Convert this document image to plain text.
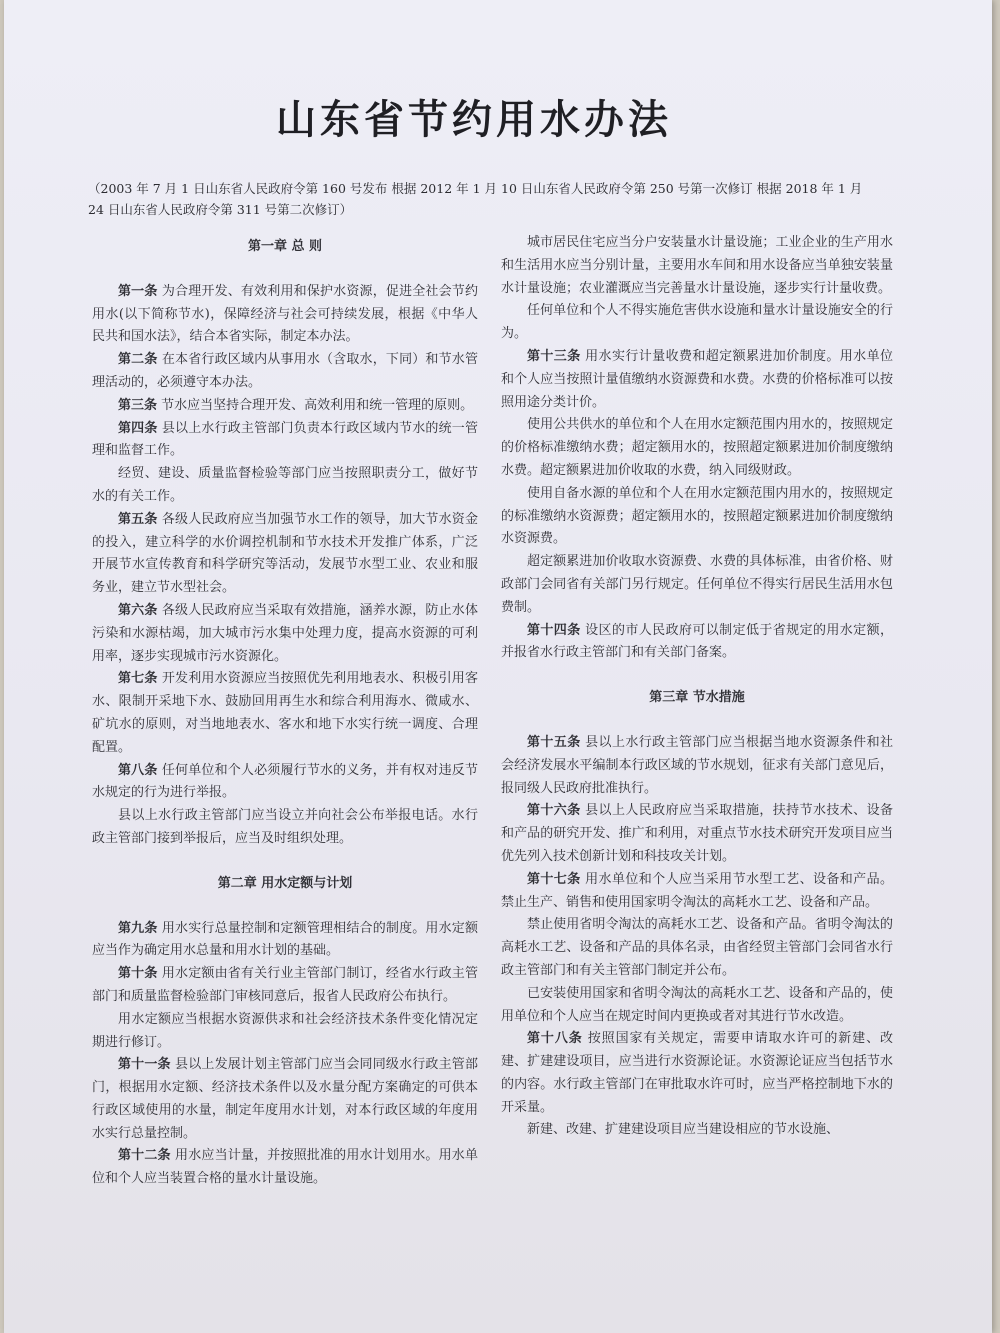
山东省节约用水办法
（2003 年 7 月 1 日山东省人民政府令第 160 号发布 根据 2012 年 1 月 10 日山东省人民政府令第 250 号第一次修订 根据 2018 年 1 月 24 日山东省人民政府令第 311 号第二次修订）
第一章 总 则

第一条 为合理开发、有效利用和保护水资源，促进全社会节约用水(以下简称节水)，保障经济与社会可持续发展，根据《中华人民共和国水法》，结合本省实际，制定本办法。

第二条 在本省行政区域内从事用水（含取水，下同）和节水管理活动的，必须遵守本办法。

第三条 节水应当坚持合理开发、高效利用和统一管理的原则。

第四条 县以上水行政主管部门负责本行政区域内节水的统一管理和监督工作。

经贸、建设、质量监督检验等部门应当按照职责分工，做好节水的有关工作。

第五条 各级人民政府应当加强节水工作的领导，加大节水资金的投入，建立科学的水价调控机制和节水技术开发推广体系，广泛开展节水宣传教育和科学研究等活动，发展节水型工业、农业和服务业，建立节水型社会。

第六条 各级人民政府应当采取有效措施，涵养水源，防止水体污染和水源枯竭，加大城市污水集中处理力度，提高水资源的可利用率，逐步实现城市污水资源化。

第七条 开发利用水资源应当按照优先利用地表水、积极引用客水、限制开采地下水、鼓励回用再生水和综合利用海水、微咸水、矿坑水的原则，对当地地表水、客水和地下水实行统一调度、合理配置。

第八条 任何单位和个人必须履行节水的义务，并有权对违反节水规定的行为进行举报。

县以上水行政主管部门应当设立并向社会公布举报电话。水行政主管部门接到举报后，应当及时组织处理。

第二章 用水定额与计划

第九条 用水实行总量控制和定额管理相结合的制度。用水定额应当作为确定用水总量和用水计划的基础。

第十条 用水定额由省有关行业主管部门制订，经省水行政主管部门和质量监督检验部门审核同意后，报省人民政府公布执行。

用水定额应当根据水资源供求和社会经济技术条件变化情况定期进行修订。

第十一条 县以上发展计划主管部门应当会同同级水行政主管部门，根据用水定额、经济技术条件以及水量分配方案确定的可供本行政区域使用的水量，制定年度用水计划，对本行政区域的年度用水实行总量控制。

第十二条 用水应当计量，并按照批准的用水计划用水。用水单位和个人应当装置合格的量水计量设施。

城市居民住宅应当分户安装量水计量设施；工业企业的生产用水和生活用水应当分别计量，主要用水车间和用水设备应当单独安装量水计量设施；农业灌溉应当完善量水计量设施，逐步实行计量收费。

任何单位和个人不得实施危害供水设施和量水计量设施安全的行为。

第十三条 用水实行计量收费和超定额累进加价制度。用水单位和个人应当按照计量值缴纳水资源费和水费。水费的价格标准可以按照用途分类计价。

使用公共供水的单位和个人在用水定额范围内用水的，按照规定的价格标准缴纳水费；超定额用水的，按照超定额累进加价制度缴纳水费。超定额累进加价收取的水费，纳入同级财政。

使用自备水源的单位和个人在用水定额范围内用水的，按照规定的标准缴纳水资源费；超定额用水的，按照超定额累进加价制度缴纳水资源费。

超定额累进加价收取水资源费、水费的具体标准，由省价格、财政部门会同省有关部门另行规定。任何单位不得实行居民生活用水包费制。

第十四条 设区的市人民政府可以制定低于省规定的用水定额，并报省水行政主管部门和有关部门备案。

第三章 节水措施

第十五条 县以上水行政主管部门应当根据当地水资源条件和社会经济发展水平编制本行政区域的节水规划，征求有关部门意见后，报同级人民政府批准执行。

第十六条 县以上人民政府应当采取措施，扶持节水技术、设备和产品的研究开发、推广和利用，对重点节水技术研究开发项目应当优先列入技术创新计划和科技攻关计划。

第十七条 用水单位和个人应当采用节水型工艺、设备和产品。禁止生产、销售和使用国家明令淘汰的高耗水工艺、设备和产品。

禁止使用省明令淘汰的高耗水工艺、设备和产品。省明令淘汰的高耗水工艺、设备和产品的具体名录，由省经贸主管部门会同省水行政主管部门和有关主管部门制定并公布。

已安装使用国家和省明令淘汰的高耗水工艺、设备和产品的，使用单位和个人应当在规定时间内更换或者对其进行节水改造。

第十八条 按照国家有关规定，需要申请取水许可的新建、改建、扩建建设项目，应当进行水资源论证。水资源论证应当包括节水的内容。水行政主管部门在审批取水许可时，应当严格控制地下水的开采量。

新建、改建、扩建建设项目应当建设相应的节水设施、
